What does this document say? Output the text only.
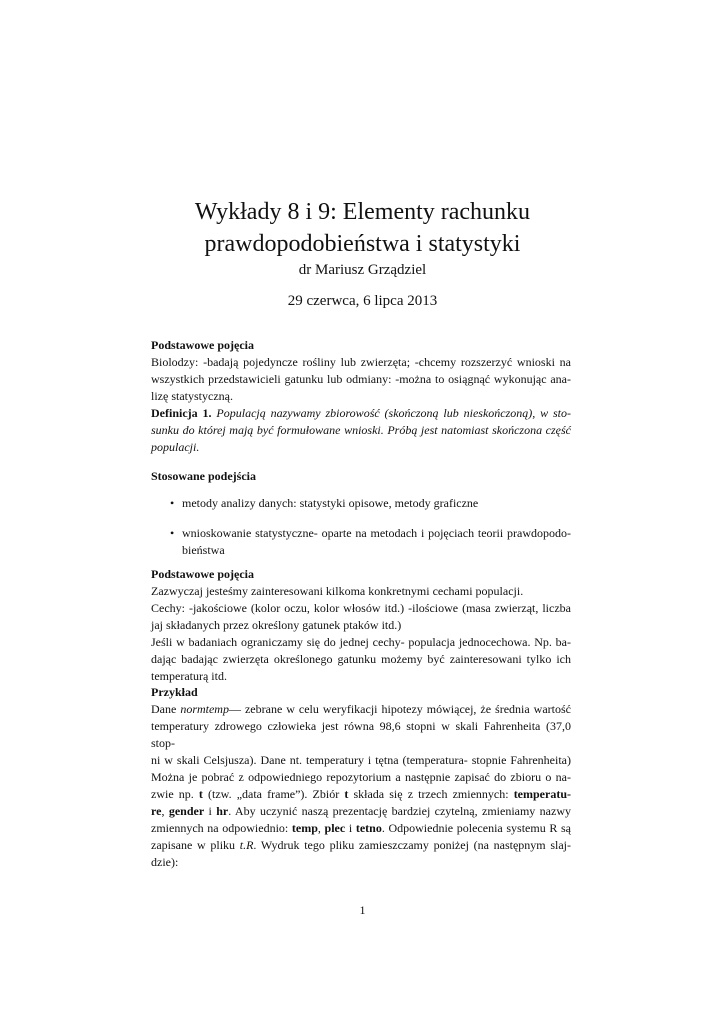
Wykłady 8 i 9: Elementy rachunku
prawdopodobieństwa i statystyki
dr Mariusz Grządziel
29 czerwca, 6 lipca 2013
Podstawowe pojęcia
Biolodzy: -badają pojedyncze rośliny lub zwierzęta; -chcemy rozszerzyć wnioski na
wszystkich przedstawicieli gatunku lub odmiany: -można to osiągnąć wykonując ana-
lizę statystyczną.
Definicja 1. Populacją nazywamy zbiorowość (skończoną lub nieskończoną), w sto-
sunku do której mają być formułowane wnioski. Próbą jest natomiast skończona część
populacji.
Stosowane podejścia
• metody analizy danych: statystyki opisowe, metody graficzne
• wnioskowanie statystyczne- oparte na metodach i pojęciach teorii prawdopodo-
bieństwa
Podstawowe pojęcia
Zazwyczaj jesteśmy zainteresowani kilkoma konkretnymi cechami populacji.
Cechy: -jakościowe (kolor oczu, kolor włosów itd.) -ilościowe (masa zwierząt, liczba
jaj składanych przez określony gatunek ptaków itd.)
Jeśli w badaniach ograniczamy się do jednej cechy- populacja jednocechowa. Np. ba-
dając badając zwierzęta określonego gatunku możemy być zainteresowani tylko ich
temperaturą itd.
Przykład
Dane normtemp— zebrane w celu weryfikacji hipotezy mówiącej, że średnia wartość
temperatury zdrowego człowieka jest równa 98,6 stopni w skali Fahrenheita (37,0 stop-
ni w skali Celsjusza). Dane nt. temperatury i tętna (temperatura- stopnie Fahrenheita)
Można je pobrać z odpowiedniego repozytorium a następnie zapisać do zbioru o na-
zwie np. t (tzw. „data frame”). Zbiór t składa się z trzech zmiennych: temperatu-
re, gender i hr. Aby uczynić naszą prezentację bardziej czytelną, zmieniamy nazwy
zmiennych na odpowiednio: temp, plec i tetno. Odpowiednie polecenia systemu R są
zapisane w pliku t.R. Wydruk tego pliku zamieszczamy poniżej (na następnym slaj-
dzie):
1
